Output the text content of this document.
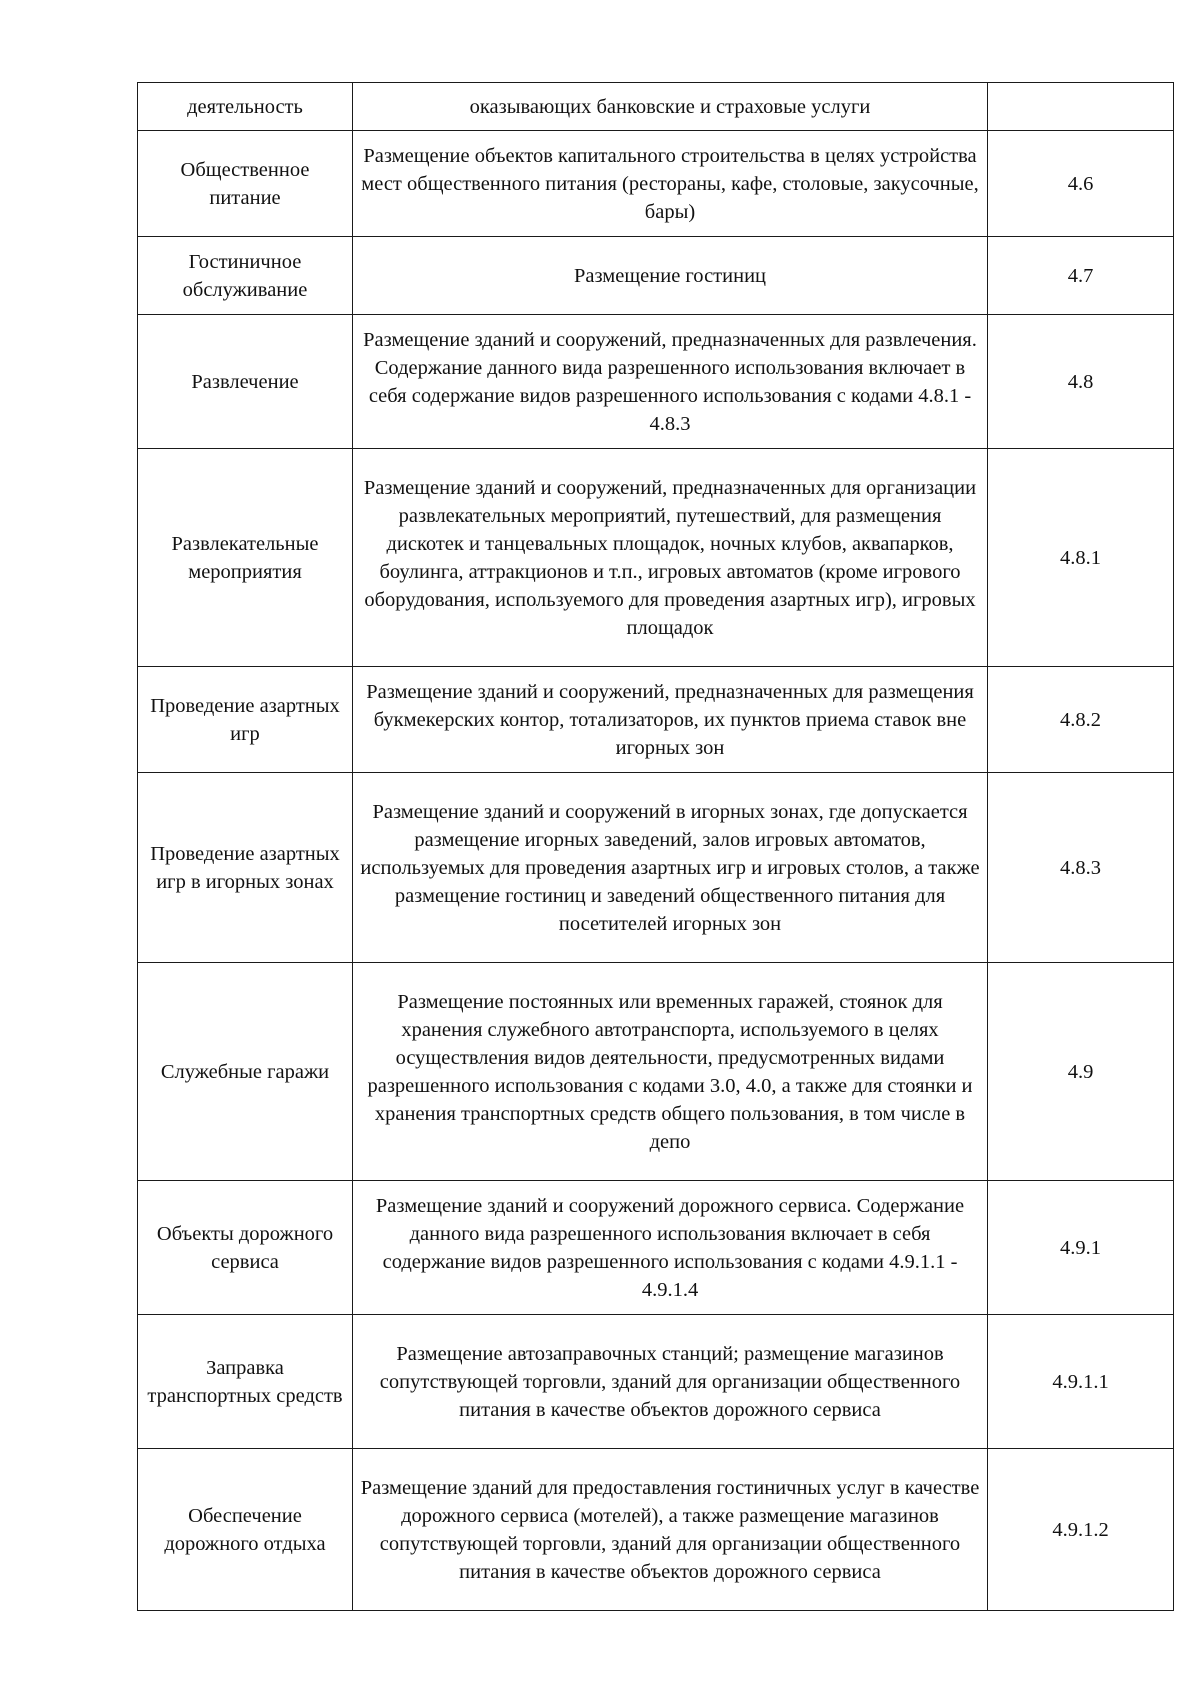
деятельность	оказывающих банковские и страховые услуги	
Общественное питание	Размещение объектов капитального строительства в целях устройства мест общественного питания (рестораны, кафе, столовые, закусочные, бары)	4.6
Гостиничное обслуживание	Размещение гостиниц	4.7
Развлечение	Размещение зданий и сооружений, предназначенных для развлечения. Содержание данного вида разрешенного использования включает в себя содержание видов разрешенного использования с кодами 4.8.1 - 4.8.3	4.8
Развлекательные мероприятия	Размещение зданий и сооружений, предназначенных для организации развлекательных мероприятий, путешествий, для размещения дискотек и танцевальных площадок, ночных клубов, аквапарков, боулинга, аттракционов и т.п., игровых автоматов (кроме игрового оборудования, используемого для проведения азартных игр), игровых площадок	4.8.1
Проведение азартных игр	Размещение зданий и сооружений, предназначенных для размещения букмекерских контор, тотализаторов, их пунктов приема ставок вне игорных зон	4.8.2
Проведение азартных игр в игорных зонах	Размещение зданий и сооружений в игорных зонах, где допускается размещение игорных заведений, залов игровых автоматов, используемых для проведения азартных игр и игровых столов, а также размещение гостиниц и заведений общественного питания для посетителей игорных зон	4.8.3
Служебные гаражи	Размещение постоянных или временных гаражей, стоянок для хранения служебного автотранспорта, используемого в целях осуществления видов деятельности, предусмотренных видами разрешенного использования с кодами 3.0, 4.0, а также для стоянки и хранения транспортных средств общего пользования, в том числе в депо	4.9
Объекты дорожного сервиса	Размещение зданий и сооружений дорожного сервиса. Содержание данного вида разрешенного использования включает в себя содержание видов разрешенного использования с кодами 4.9.1.1 - 4.9.1.4	4.9.1
Заправка транспортных средств	Размещение автозаправочных станций; размещение магазинов сопутствующей торговли, зданий для организации общественного питания в качестве объектов дорожного сервиса	4.9.1.1
Обеспечение дорожного отдыха	Размещение зданий для предоставления гостиничных услуг в качестве дорожного сервиса (мотелей), а также размещение магазинов сопутствующей торговли, зданий для организации общественного питания в качестве объектов дорожного сервиса	4.9.1.2
